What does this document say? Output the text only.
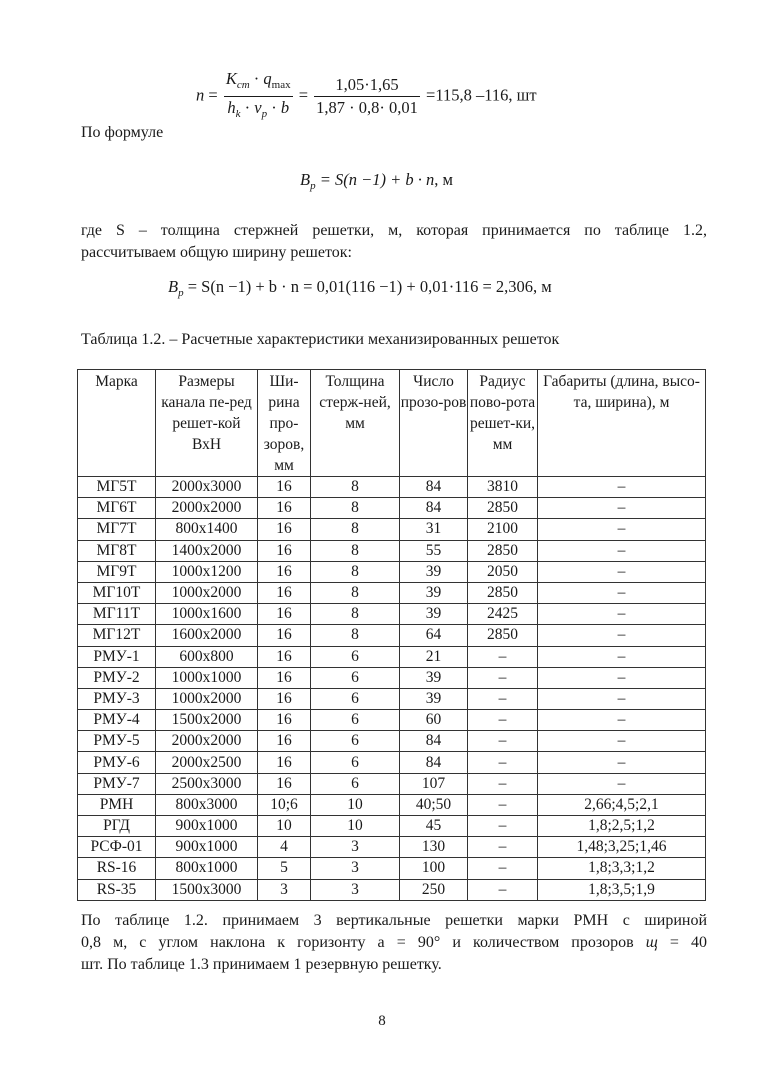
$n = \frac{K_{cm} \cdot q_{max}}{h_k \cdot v_p \cdot b} = \frac{1,05\cdot 1,65}{1,87 \cdot 0,8\cdot 0,01} =115,8$ –116, шт
По формуле
$B_p = S(n -1) + b \cdot n$, м
где S – толщина стержней решетки, м, которая принимается по таблице 1.2,
рассчитываем общую ширину решеток:
$B_p = S(n -1) + b \cdot n = 0,01(116 -1) + 0,01\cdot 116 = 2,306$, м
Таблица 1.2. – Расчетные характеристики механизированных решеток
Марка	Размеры канала пе-ред решет-кой ВхН	Ши-рина про-зоров, мм	Толщина стерж-ней, мм	Число прозо-ров	Радиус пово-рота решет-ки, мм	Габариты (длина, высо-та, ширина), м
МГ5Т	2000х3000	16	8	84	3810	–
МГ6Т	2000х2000	16	8	84	2850	–
МГ7Т	800х1400	16	8	31	2100	–
МГ8Т	1400х2000	16	8	55	2850	–
МГ9Т	1000х1200	16	8	39	2050	–
МГ10Т	1000х2000	16	8	39	2850	–
МГ11Т	1000х1600	16	8	39	2425	–
МГ12Т	1600х2000	16	8	64	2850	–
РМУ-1	600х800	16	6	21	–	–
РМУ-2	1000х1000	16	6	39	–	–
РМУ-3	1000х2000	16	6	39	–	–
РМУ-4	1500х2000	16	6	60	–	–
РМУ-5	2000х2000	16	6	84	–	–
РМУ-6	2000х2500	16	6	84	–	–
РМУ-7	2500х3000	16	6	107	–	–
РМН	800х3000	10;6	10	40;50	–	2,66;4,5;2,1
РГД	900х1000	10	10	45	–	1,8;2,5;1,2
РСФ-01	900х1000	4	3	130	–	1,48;3,25;1,46
RS-16	800х1000	5	3	100	–	1,8;3,3;1,2
RS-35	1500х3000	3	3	250	–	1,8;3,5;1,9
По таблице 1.2. принимаем 3 вертикальные решетки марки РМН с шириной
0,8 м, с углом наклона к горизонту а = 90° и количеством прозоров щ = 40
шт. По таблице 1.3 принимаем 1 резервную решетку.
8
